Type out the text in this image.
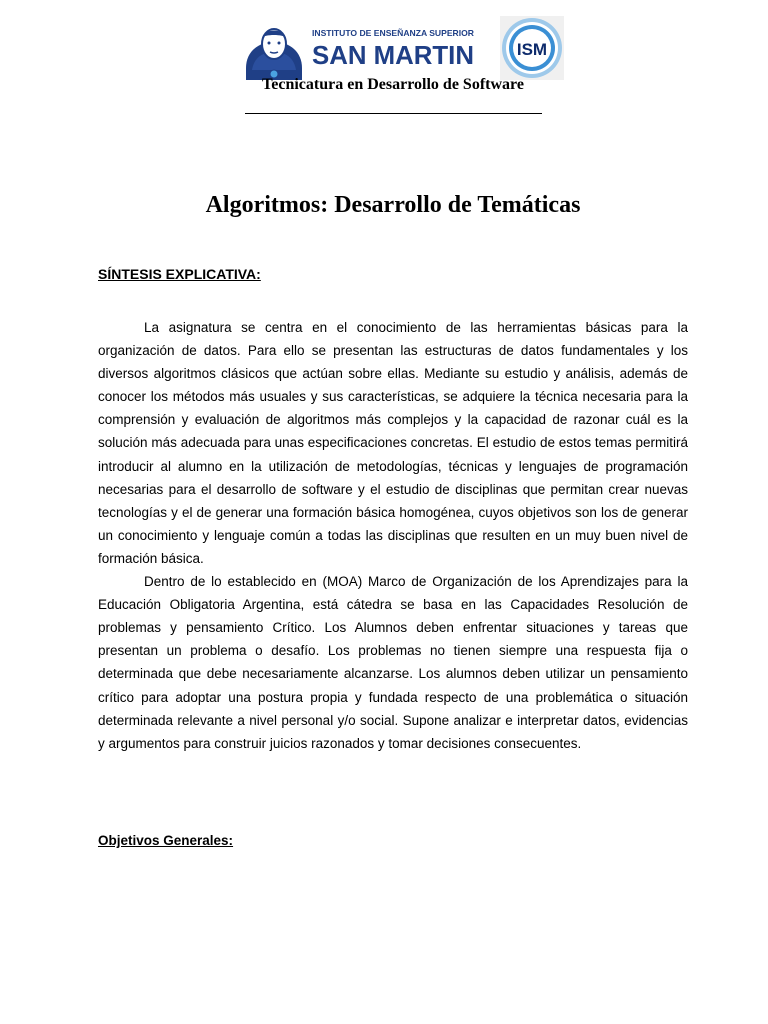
INSTITUTO DE ENSEÑANZA SUPERIOR
SAN MARTIN	ISM
Tecnicatura en Desarrollo de Software
Algoritmos: Desarrollo de Temáticas
SÍNTESIS EXPLICATIVA:

La asignatura se centra en el conocimiento de las herramientas básicas para la organización de datos. Para ello se presentan las estructuras de datos fundamentales y los diversos algoritmos clásicos que actúan sobre ellas. Mediante su estudio y análisis, además de conocer los métodos más usuales y sus características, se adquiere la técnica necesaria para la comprensión y evaluación de algoritmos más complejos y la capacidad de razonar cuál es la solución más adecuada para unas especificaciones concretas. El estudio de estos temas permitirá introducir al alumno en la utilización de metodologías, técnicas y lenguajes de programación necesarias para el desarrollo de software y el estudio de disciplinas que permitan crear nuevas tecnologías y el de generar una formación básica homogénea, cuyos objetivos son los de generar un conocimiento y lenguaje común a todas las disciplinas que resulten en un muy buen nivel de formación básica.

Dentro de lo establecido en (MOA) Marco de Organización de los Aprendizajes para la Educación Obligatoria Argentina, está cátedra se basa en las Capacidades Resolución de problemas y pensamiento Crítico. Los Alumnos deben enfrentar situaciones y tareas que presentan un problema o desafío. Los problemas no tienen siempre una respuesta fija o determinada que debe necesariamente alcanzarse. Los alumnos deben utilizar un pensamiento crítico para adoptar una postura propia y fundada respecto de una problemática o situación determinada relevante a nivel personal y/o social. Supone analizar e interpretar datos, evidencias y argumentos para construir juicios razonados y tomar decisiones consecuentes.

Objetivos Generales:
